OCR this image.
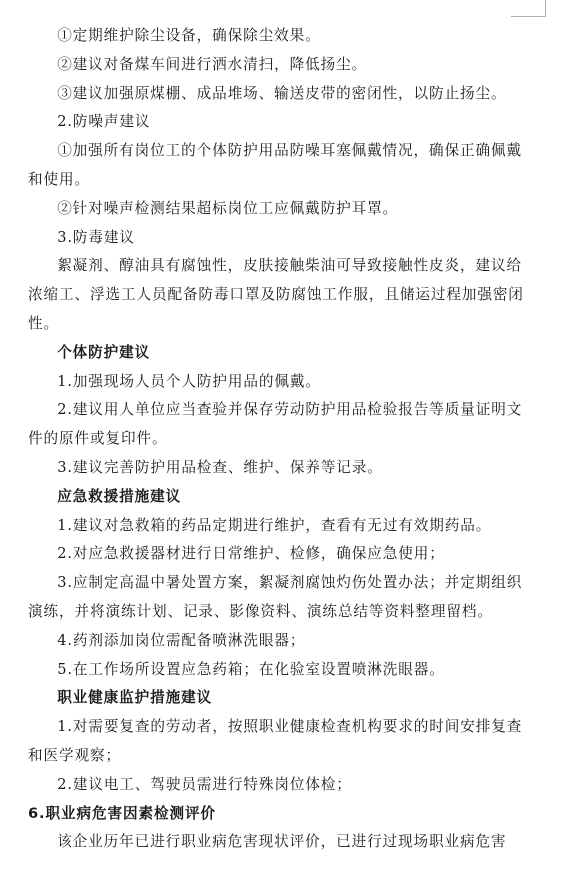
①定期维护除尘设备，确保除尘效果。

②建议对备煤车间进行洒水清扫，降低扬尘。

③建议加强原煤棚、成品堆场、输送皮带的密闭性，以防止扬尘。

2.防噪声建议

①加强所有岗位工的个体防护用品防噪耳塞佩戴情况，确保正确佩戴和使用。

②针对噪声检测结果超标岗位工应佩戴防护耳罩。

3.防毒建议

絮凝剂、醇油具有腐蚀性，皮肤接触柴油可导致接触性皮炎，建议给浓缩工、浮选工人员配备防毒口罩及防腐蚀工作服，且储运过程加强密闭性。

个体防护建议

1.加强现场人员个人防护用品的佩戴。

2.建议用人单位应当查验并保存劳动防护用品检验报告等质量证明文件的原件或复印件。

3.建议完善防护用品检查、维护、保养等记录。

应急救援措施建议

1.建议对急救箱的药品定期进行维护，查看有无过有效期药品。

2.对应急救援器材进行日常维护、检修，确保应急使用；

3.应制定高温中暑处置方案，絮凝剂腐蚀灼伤处置办法；并定期组织演练，并将演练计划、记录、影像资料、演练总结等资料整理留档。

4.药剂添加岗位需配备喷淋洗眼器；

5.在工作场所设置应急药箱；在化验室设置喷淋洗眼器。

职业健康监护措施建议

1.对需要复查的劳动者，按照职业健康检查机构要求的时间安排复查和医学观察；

2.建议电工、驾驶员需进行特殊岗位体检；

6.职业病危害因素检测评价

该企业历年已进行职业病危害现状评价，已进行过现场职业病危害
